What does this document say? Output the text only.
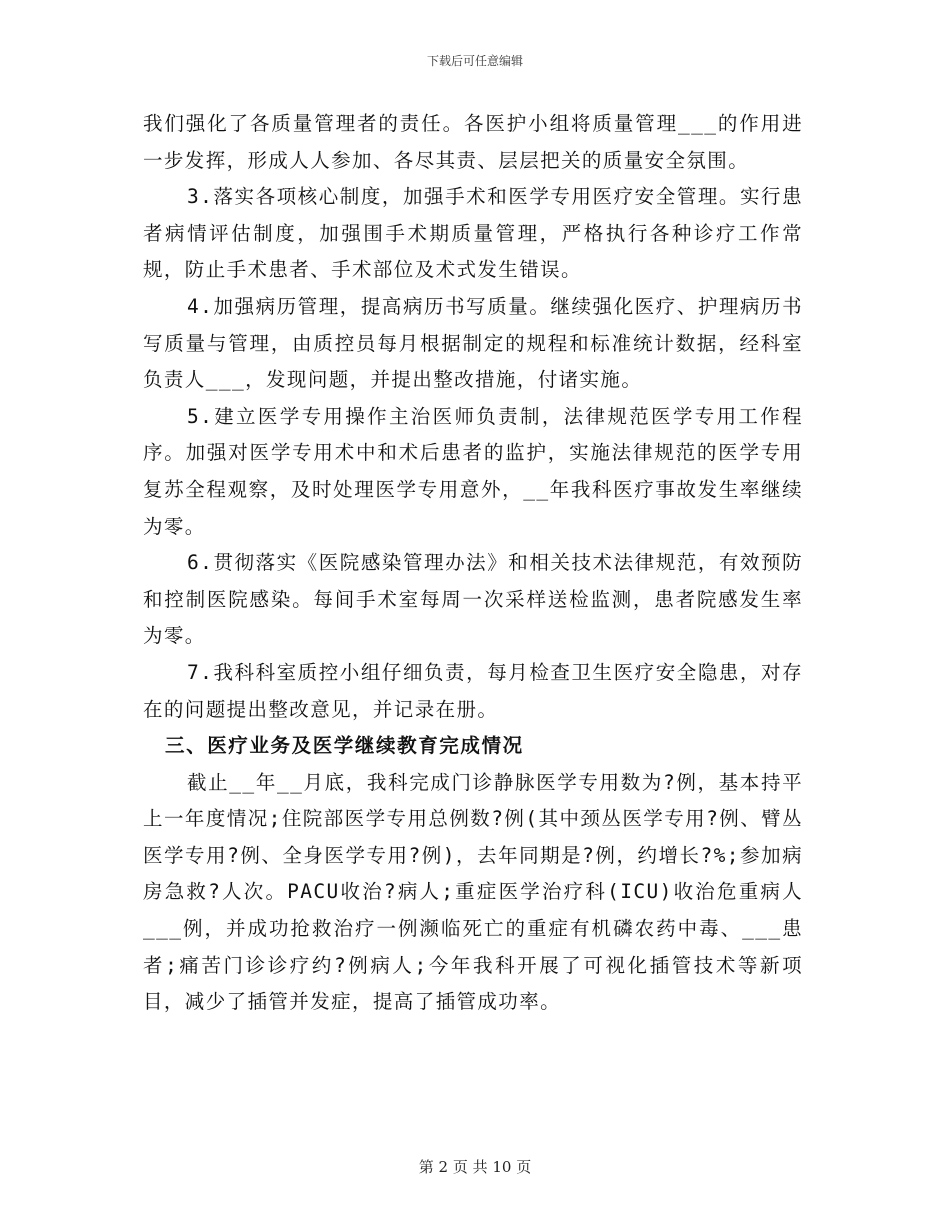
下载后可任意编辑

我们强化了各质量管理者的责任。各医护小组将质量管理___的作用进一步发挥，形成人人参加、各尽其责、层层把关的质量安全氛围。

3.落实各项核心制度，加强手术和医学专用医疗安全管理。实行患者病情评估制度，加强围手术期质量管理，严格执行各种诊疗工作常规，防止手术患者、手术部位及术式发生错误。

4.加强病历管理，提高病历书写质量。继续强化医疗、护理病历书写质量与管理，由质控员每月根据制定的规程和标准统计数据，经科室负责人___，发现问题，并提出整改措施，付诸实施。

5.建立医学专用操作主治医师负责制，法律规范医学专用工作程序。加强对医学专用术中和术后患者的监护，实施法律规范的医学专用复苏全程观察，及时处理医学专用意外，__年我科医疗事故发生率继续为零。

6.贯彻落实《医院感染管理办法》和相关技术法律规范，有效预防和控制医院感染。每间手术室每周一次采样送检监测，患者院感发生率为零。

7.我科科室质控小组仔细负责，每月检查卫生医疗安全隐患，对存在的问题提出整改意见，并记录在册。

三、医疗业务及医学继续教育完成情况

截止__年__月底，我科完成门诊静脉医学专用数为?例，基本持平上一年度情况;住院部医学专用总例数?例(其中颈丛医学专用?例、臂丛医学专用?例、全身医学专用?例)，去年同期是?例，约增长?%;参加病房急救?人次。PACU收治?病人;重症医学治疗科(ICU)收治危重病人___例，并成功抢救治疗一例濒临死亡的重症有机磷农药中毒、___患者;痛苦门诊诊疗约?例病人;今年我科开展了可视化插管技术等新项目，减少了插管并发症，提高了插管成功率。

第 2 页 共 10 页
